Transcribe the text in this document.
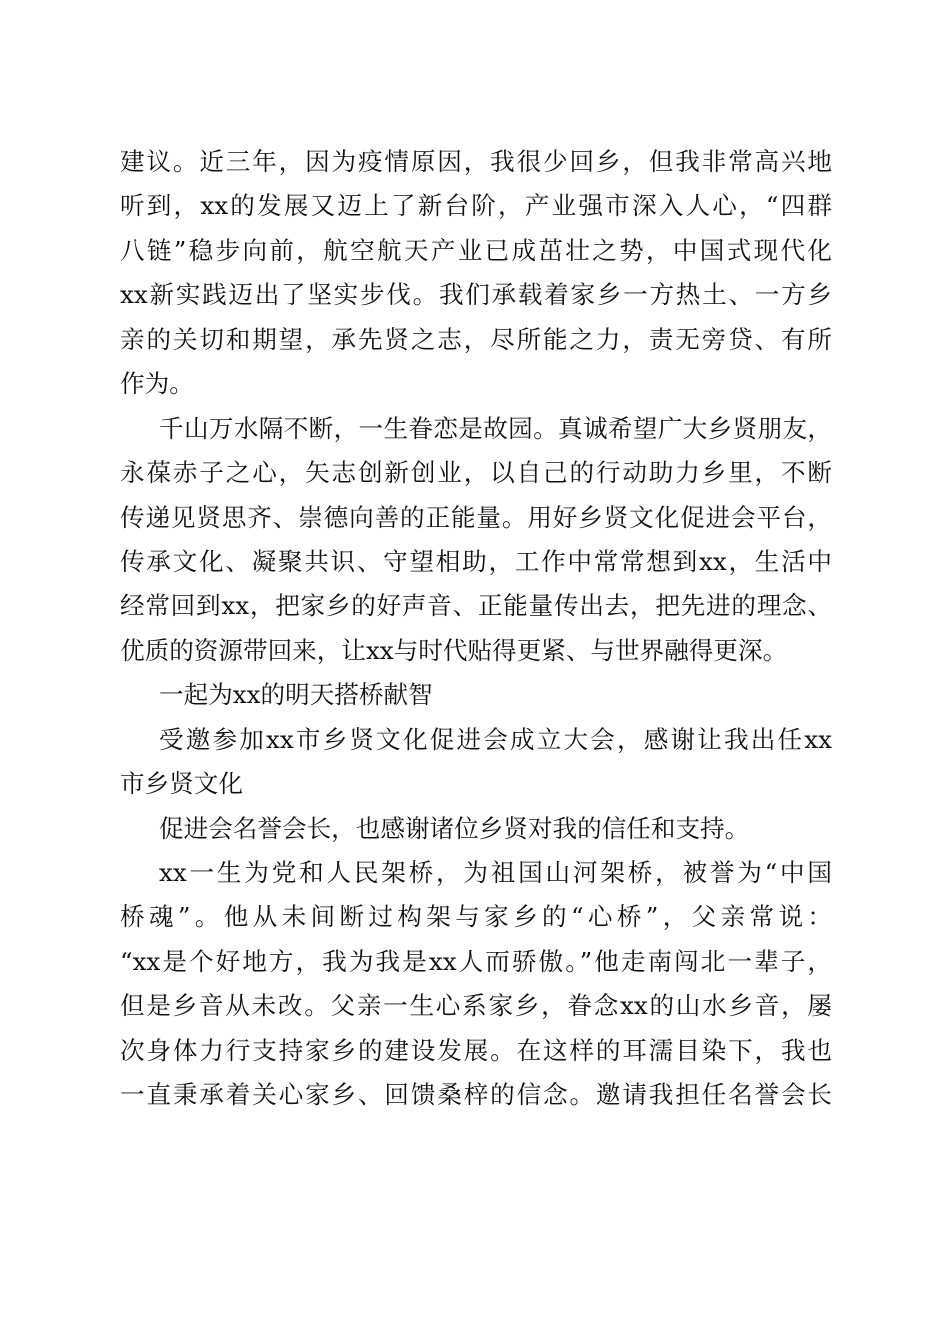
建议。近三年，因为疫情原因，我很少回乡，但我非常高兴地
听到，xx的发展又迈上了新台阶，产业强市深入人心，“四群
八链”稳步向前，航空航天产业已成茁壮之势，中国式现代化
xx新实践迈出了坚实步伐。我们承载着家乡一方热土、一方乡
亲的关切和期望，承先贤之志，尽所能之力，责无旁贷、有所
作为。
千山万水隔不断，一生眷恋是故园。真诚希望广大乡贤朋友，
永葆赤子之心，矢志创新创业，以自己的行动助力乡里，不断
传递见贤思齐、崇德向善的正能量。用好乡贤文化促进会平台，
传承文化、凝聚共识、守望相助，工作中常常想到xx，生活中
经常回到xx，把家乡的好声音、正能量传出去，把先进的理念、
优质的资源带回来，让xx与时代贴得更紧、与世界融得更深。
一起为xx的明天搭桥献智
受邀参加xx市乡贤文化促进会成立大会，感谢让我出任xx
市乡贤文化
促进会名誉会长，也感谢诸位乡贤对我的信任和支持。
xx一生为党和人民架桥，为祖国山河架桥，被誉为“中国
桥魂”。他从未间断过构架与家乡的“心桥”，父亲常说：
“xx是个好地方，我为我是xx人而骄傲。”他走南闯北一辈子，
但是乡音从未改。父亲一生心系家乡，眷念xx的山水乡音，屡
次身体力行支持家乡的建设发展。在这样的耳濡目染下，我也
一直秉承着关心家乡、回馈桑梓的信念。邀请我担任名誉会长
